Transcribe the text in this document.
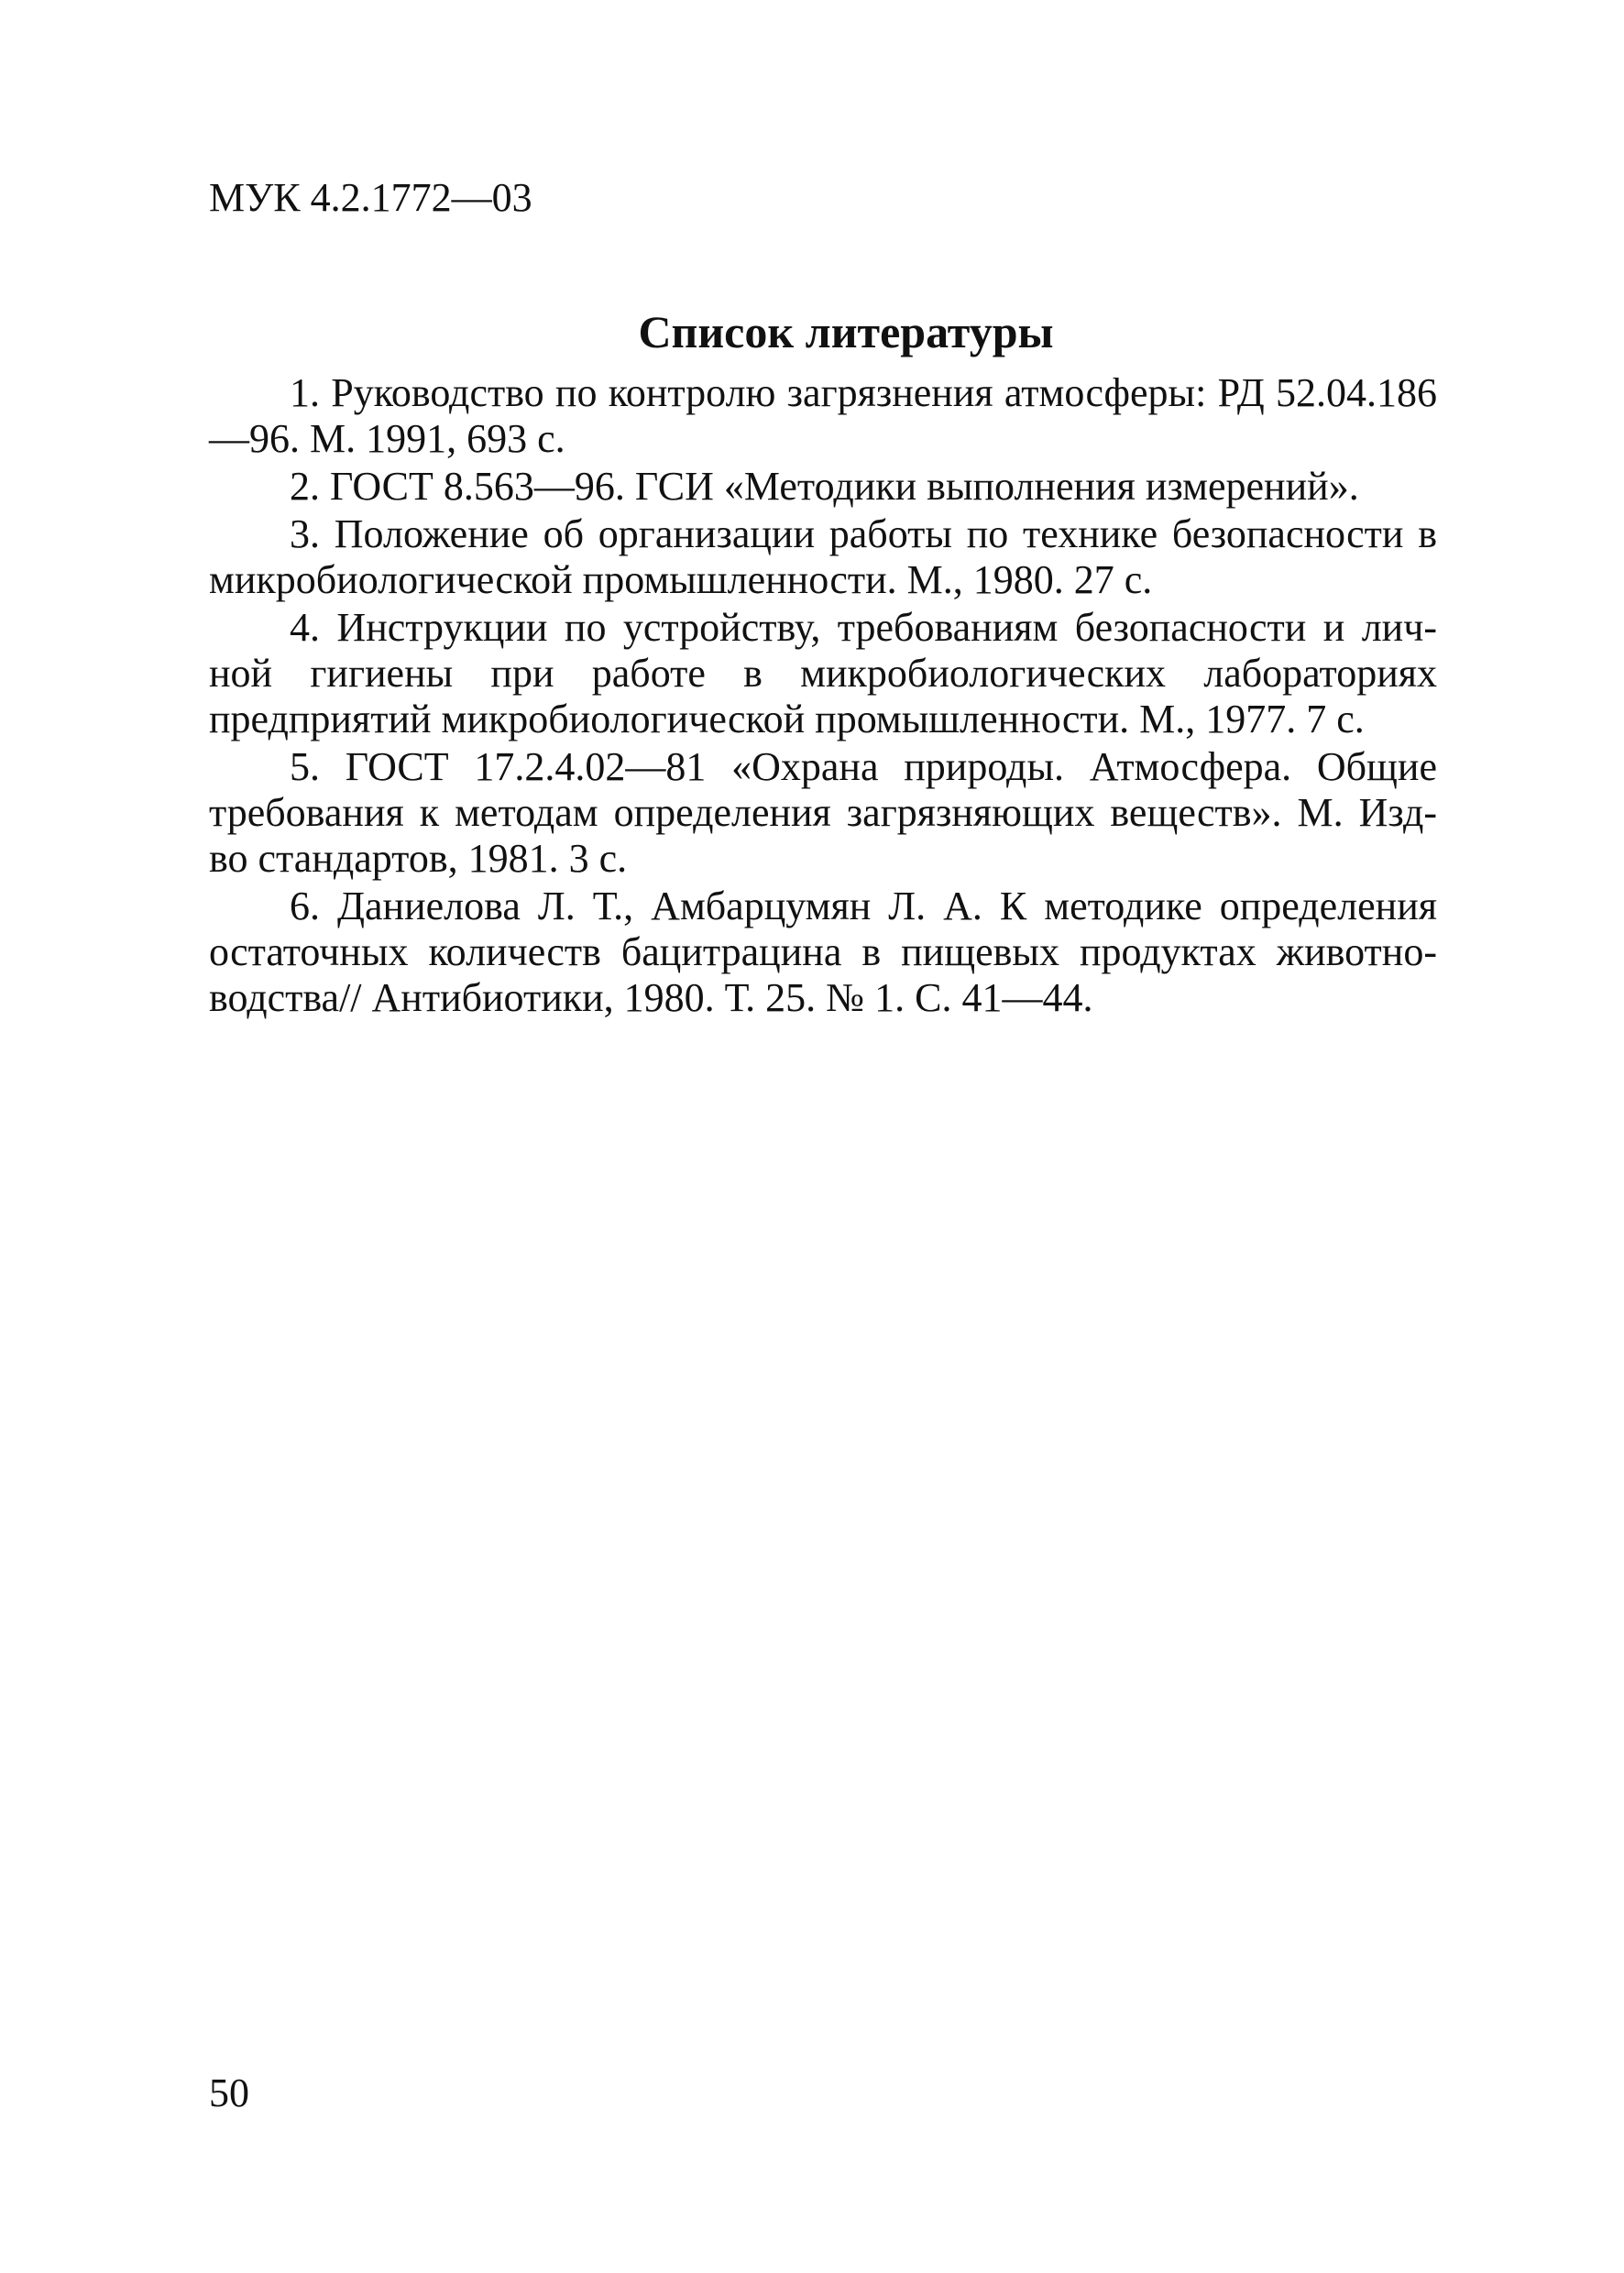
МУК 4.2.1772—03
Список литературы
1. Руководство по контролю загрязнения атмосферы: РД 52.04.186—96. М. 1991, 693 с.
2. ГОСТ 8.563—96. ГСИ «Методики выполнения измерений».
3. Положение об организации работы по технике безопасности в микробиологической промышленности. М., 1980. 27 с.
4. Инструкции по устройству, требованиям безопасности и личной гигиены при работе в микробиологических лабораториях предприятий микробиологической промышленности. М., 1977. 7 с.
5. ГОСТ 17.2.4.02—81 «Охрана природы. Атмосфера. Общие требования к методам определения загрязняющих веществ». М. Изд-во стандартов, 1981. 3 с.
6. Даниелова Л. Т., Амбарцумян Л. А. К методике определения остаточных количеств бацитрацина в пищевых продуктах животноводства// Антибиотики, 1980. Т. 25. № 1. С. 41—44.
50
